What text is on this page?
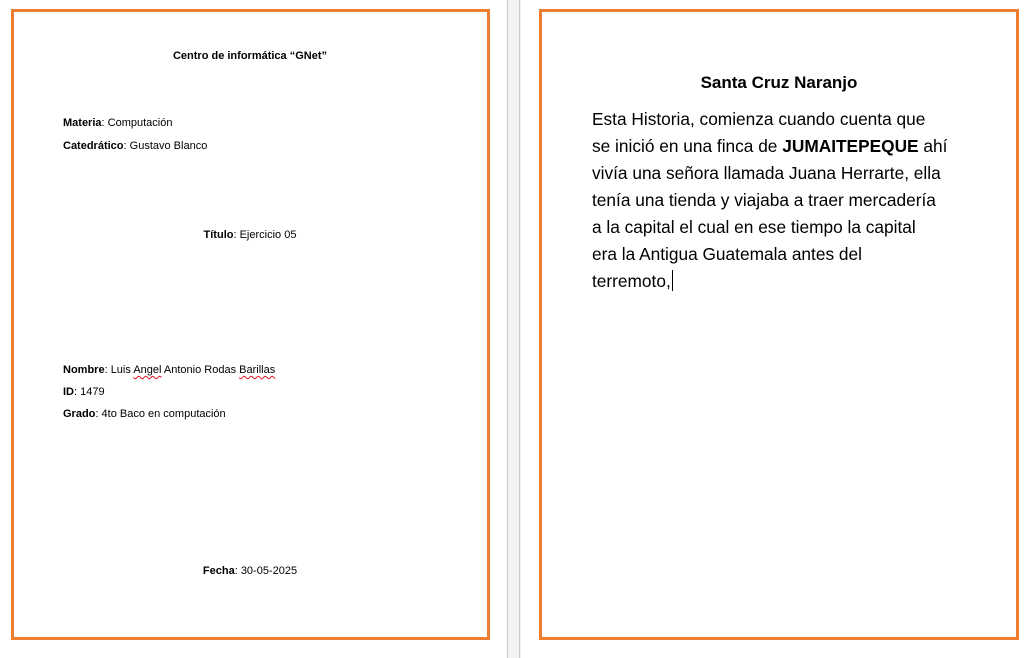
Centro de informática “GNet”
Materia: Computación
Catedrático: Gustavo Blanco
Título: Ejercicio 05
Nombre: Luis Angel Antonio Rodas Barillas
ID: 1479
Grado: 4to Baco en computación
Fecha: 30-05-2025
Santa Cruz Naranjo
Esta Historia, comienza cuando cuenta que
se inició en una finca de JUMAITEPEQUE ahí
vivía una señora llamada Juana Herrarte, ella
tenía una tienda y viajaba a traer mercadería
a la capital el cual en ese tiempo la capital
era la Antigua Guatemala antes del
terremoto,
